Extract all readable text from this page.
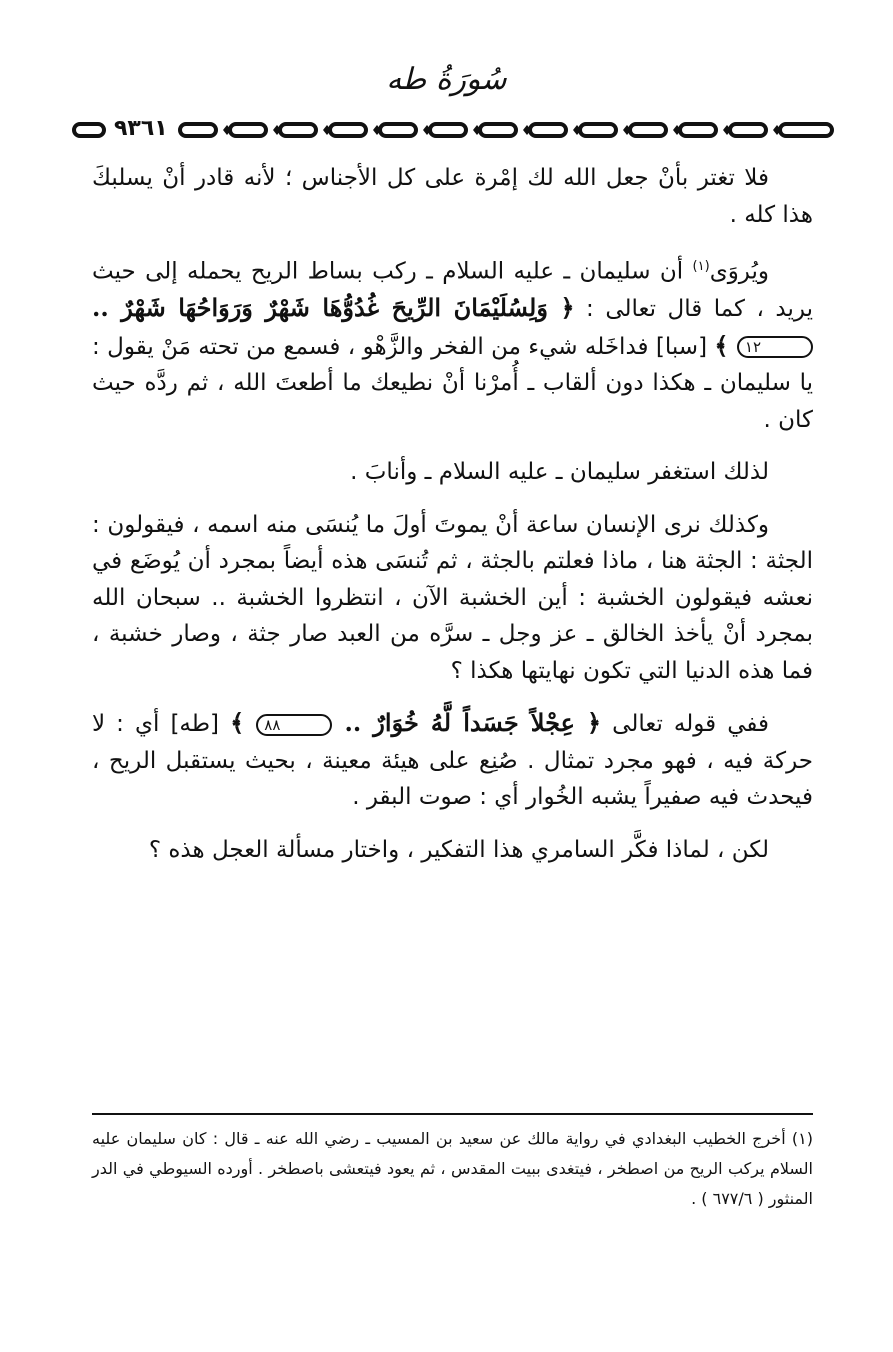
سُورَةُ طه
٩٣٦١

فلا تغتر بأنْ جعل الله لك إمْرة على كل الأجناس ؛ لأنه قادر أنْ يسلبكَ هذا كله .

ويُروَى$^{(١)}$ أن سليمان ـ عليه السلام ـ ركب بساط الريح يحمله إلى حيث يريد ، كما قال تعالى : ﴿ وَلِسُلَيْمَانَ الرِّيحَ غُدُوُّهَا شَهْرٌ وَرَوَاحُهَا شَهْرٌ .. ١٢ ﴾ [سبا] فداخَله شيء من الفخر والزَّهْو ، فسمع من تحته مَنْ يقول : يا سليمان ـ هكذا دون ألقاب ـ أُمرْنا أنْ نطيعك ما أطعتَ الله ، ثم ردَّه حيث كان .

لذلك استغفر سليمان ـ عليه السلام ـ وأنابَ .

وكذلك نرى الإنسان ساعة أنْ يموتَ أولَ ما يُنسَى منه اسمه ، فيقولون : الجثة : الجثة هنا ، ماذا فعلتم بالجثة ، ثم تُنسَى هذه أيضاً بمجرد أن يُوضَع في نعشه فيقولون الخشبة : أين الخشبة الآن ، انتظروا الخشبة .. سبحان الله بمجرد أنْ يأخذ الخالق ـ عز وجل ـ سرَّه من العبد صار جثة ، وصار خشبة ، فما هذه الدنيا التي تكون نهايتها هكذا ؟

ففي قوله تعالى ﴿ عِجْلاً جَسَداً لَّهُ خُوَارٌ .. ٨٨ ﴾ [طه] أي : لا حركة فيه ، فهو مجرد تمثال . صُنِع على هيئة معينة ، بحيث يستقبل الريح ، فيحدث فيه صفيراً يشبه الخُوار أي : صوت البقر .

لكن ، لماذا فكَّر السامري هذا التفكير ، واختار مسألة العجل هذه ؟

(١) أخرج الخطيب البغدادي في رواية مالك عن سعيد بن المسيب ـ رضي الله عنه ـ قال : كان سليمان عليه السلام يركب الريح من اصطخر ، فيتغدى ببيت المقدس ، ثم يعود فيتعشى باصطخر . أورده السيوطي في الدر المنثور ( ٦٧٧/٦ ) .
